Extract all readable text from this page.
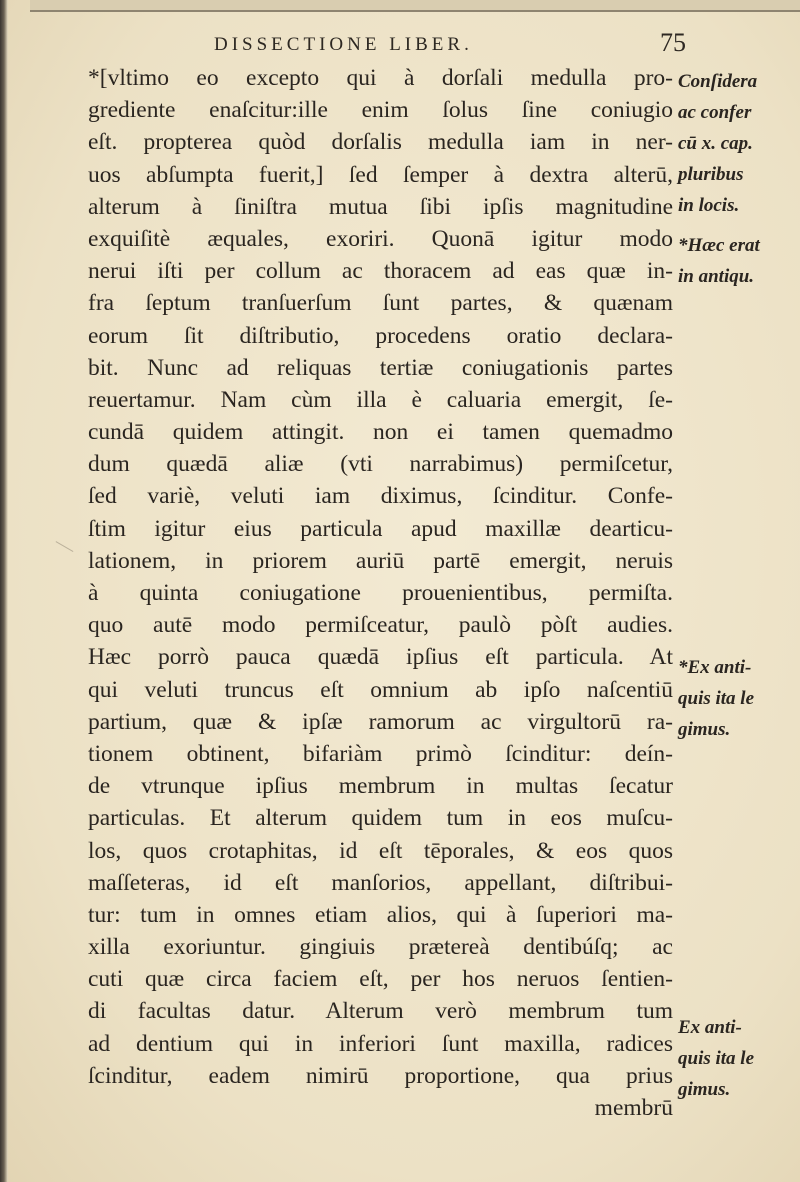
DISSECTIONE LIBER.	75
*[vltimo eo excepto qui à dorſali medulla pro-
grediente enaſcitur:ille enim ſolus ſine coniugio
eſt. propterea quòd dorſalis medulla iam in ner-
uos abſumpta fuerit,] ſed ſemper à dextra alterū,
alterum à ſiniſtra mutua ſibi ipſis magnitudine
exquiſitè æquales, exoriri. Quonā igitur modo
nerui iſti per collum ac thoracem ad eas quæ in-
fra ſeptum tranſuerſum ſunt partes, & quænam
eorum ſit diſtributio, procedens oratio declara-
bit. Nunc ad reliquas tertiæ coniugationis partes
reuertamur. Nam cùm illa è caluaria emergit, ſe-
cundā quidem attingit. non ei tamen quemadmo
dum quædā aliæ (vti narrabimus) permiſcetur,
ſed variè, veluti iam diximus, ſcinditur. Confe-
ſtim igitur eius particula apud maxillæ dearticu-
lationem, in priorem auriū partē emergit, neruis
à quinta coniugatione prouenientibus, permiſta.
quo autē modo permiſceatur, paulò pòſt audies.
Hæc porrò pauca quædā ipſius eſt particula. At
qui veluti truncus eſt omnium ab ipſo naſcentiū
partium, quæ & ipſæ ramorum ac virgultorū ra-
tionem obtinent, bifariàm primò ſcinditur: deín-
de vtrunque ipſius membrum in multas ſecatur
particulas. Et alterum quidem tum in eos muſcu-
los, quos crotaphitas, id eſt tēporales, & eos quos
maſſeteras, id eſt manſorios, appellant, diſtribui-
tur: tum in omnes etiam alios, qui à ſuperiori ma-
xilla exoriuntur. gingiuis prætereà dentibúſq; ac
cuti quæ circa faciem eſt, per hos neruos ſentien-
di facultas datur. Alterum verò membrum tum
ad dentium qui in inferiori ſunt maxilla, radices
ſcinditur, eadem nimirū proportione, qua prius
membrū
Conſidera
ac confer
cū x. cap.
pluribus
in locis.
*Hæc erat
in antiqu.
*Ex anti-
quis ita le
gimus.
Ex anti-
quis ita le
gimus.
